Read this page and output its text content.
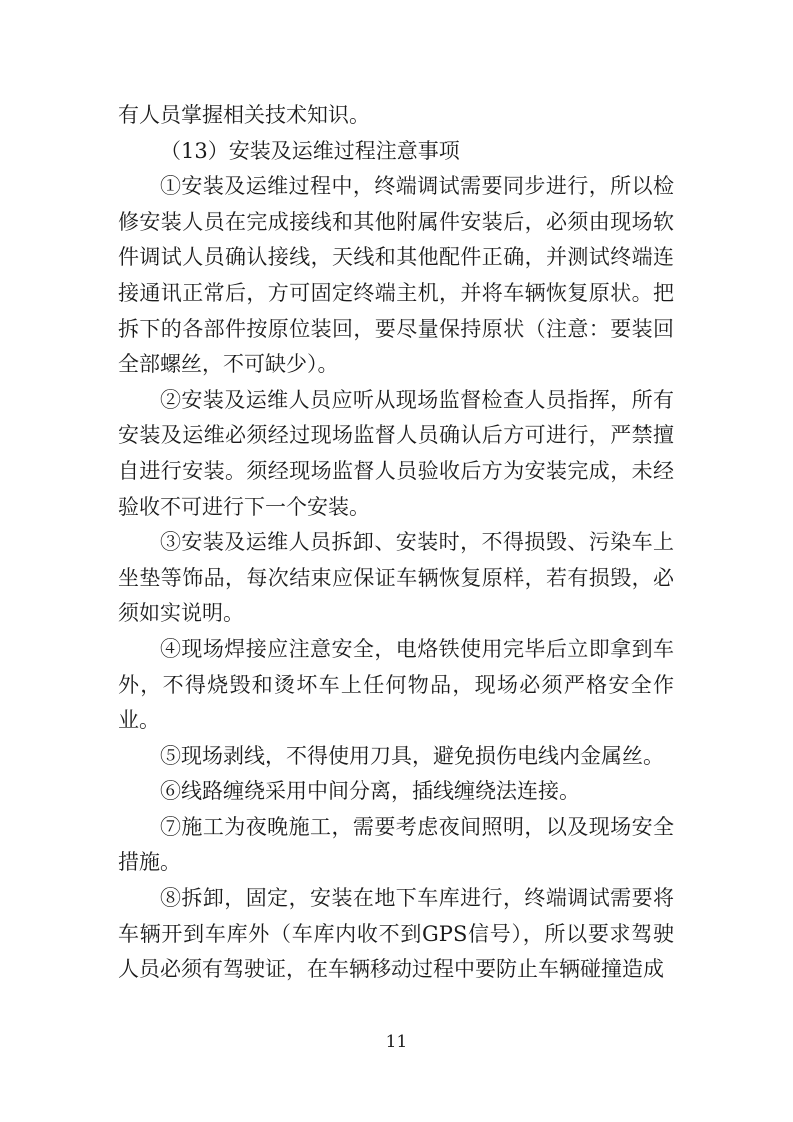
有人员掌握相关技术知识。

（13）安装及运维过程注意事项

①安装及运维过程中，终端调试需要同步进行，所以检修安装人员在完成接线和其他附属件安装后，必须由现场软件调试人员确认接线，天线和其他配件正确，并测试终端连接通讯正常后，方可固定终端主机，并将车辆恢复原状。把拆下的各部件按原位装回，要尽量保持原状（注意：要装回全部螺丝，不可缺少）。

②安装及运维人员应听从现场监督检查人员指挥，所有安装及运维必须经过现场监督人员确认后方可进行，严禁擅自进行安装。须经现场监督人员验收后方为安装完成，未经验收不可进行下一个安装。

③安装及运维人员拆卸、安装时，不得损毁、污染车上坐垫等饰品，每次结束应保证车辆恢复原样，若有损毁，必须如实说明。

④现场焊接应注意安全，电烙铁使用完毕后立即拿到车外，不得烧毁和烫坏车上任何物品，现场必须严格安全作业。

⑤现场剥线，不得使用刀具，避免损伤电线内金属丝。

⑥线路缠绕采用中间分离，插线缠绕法连接。

⑦施工为夜晚施工，需要考虑夜间照明，以及现场安全措施。

⑧拆卸，固定，安装在地下车库进行，终端调试需要将车辆开到车库外（车库内收不到GPS信号），所以要求驾驶人员必须有驾驶证，在车辆移动过程中要防止车辆碰撞造成

11
